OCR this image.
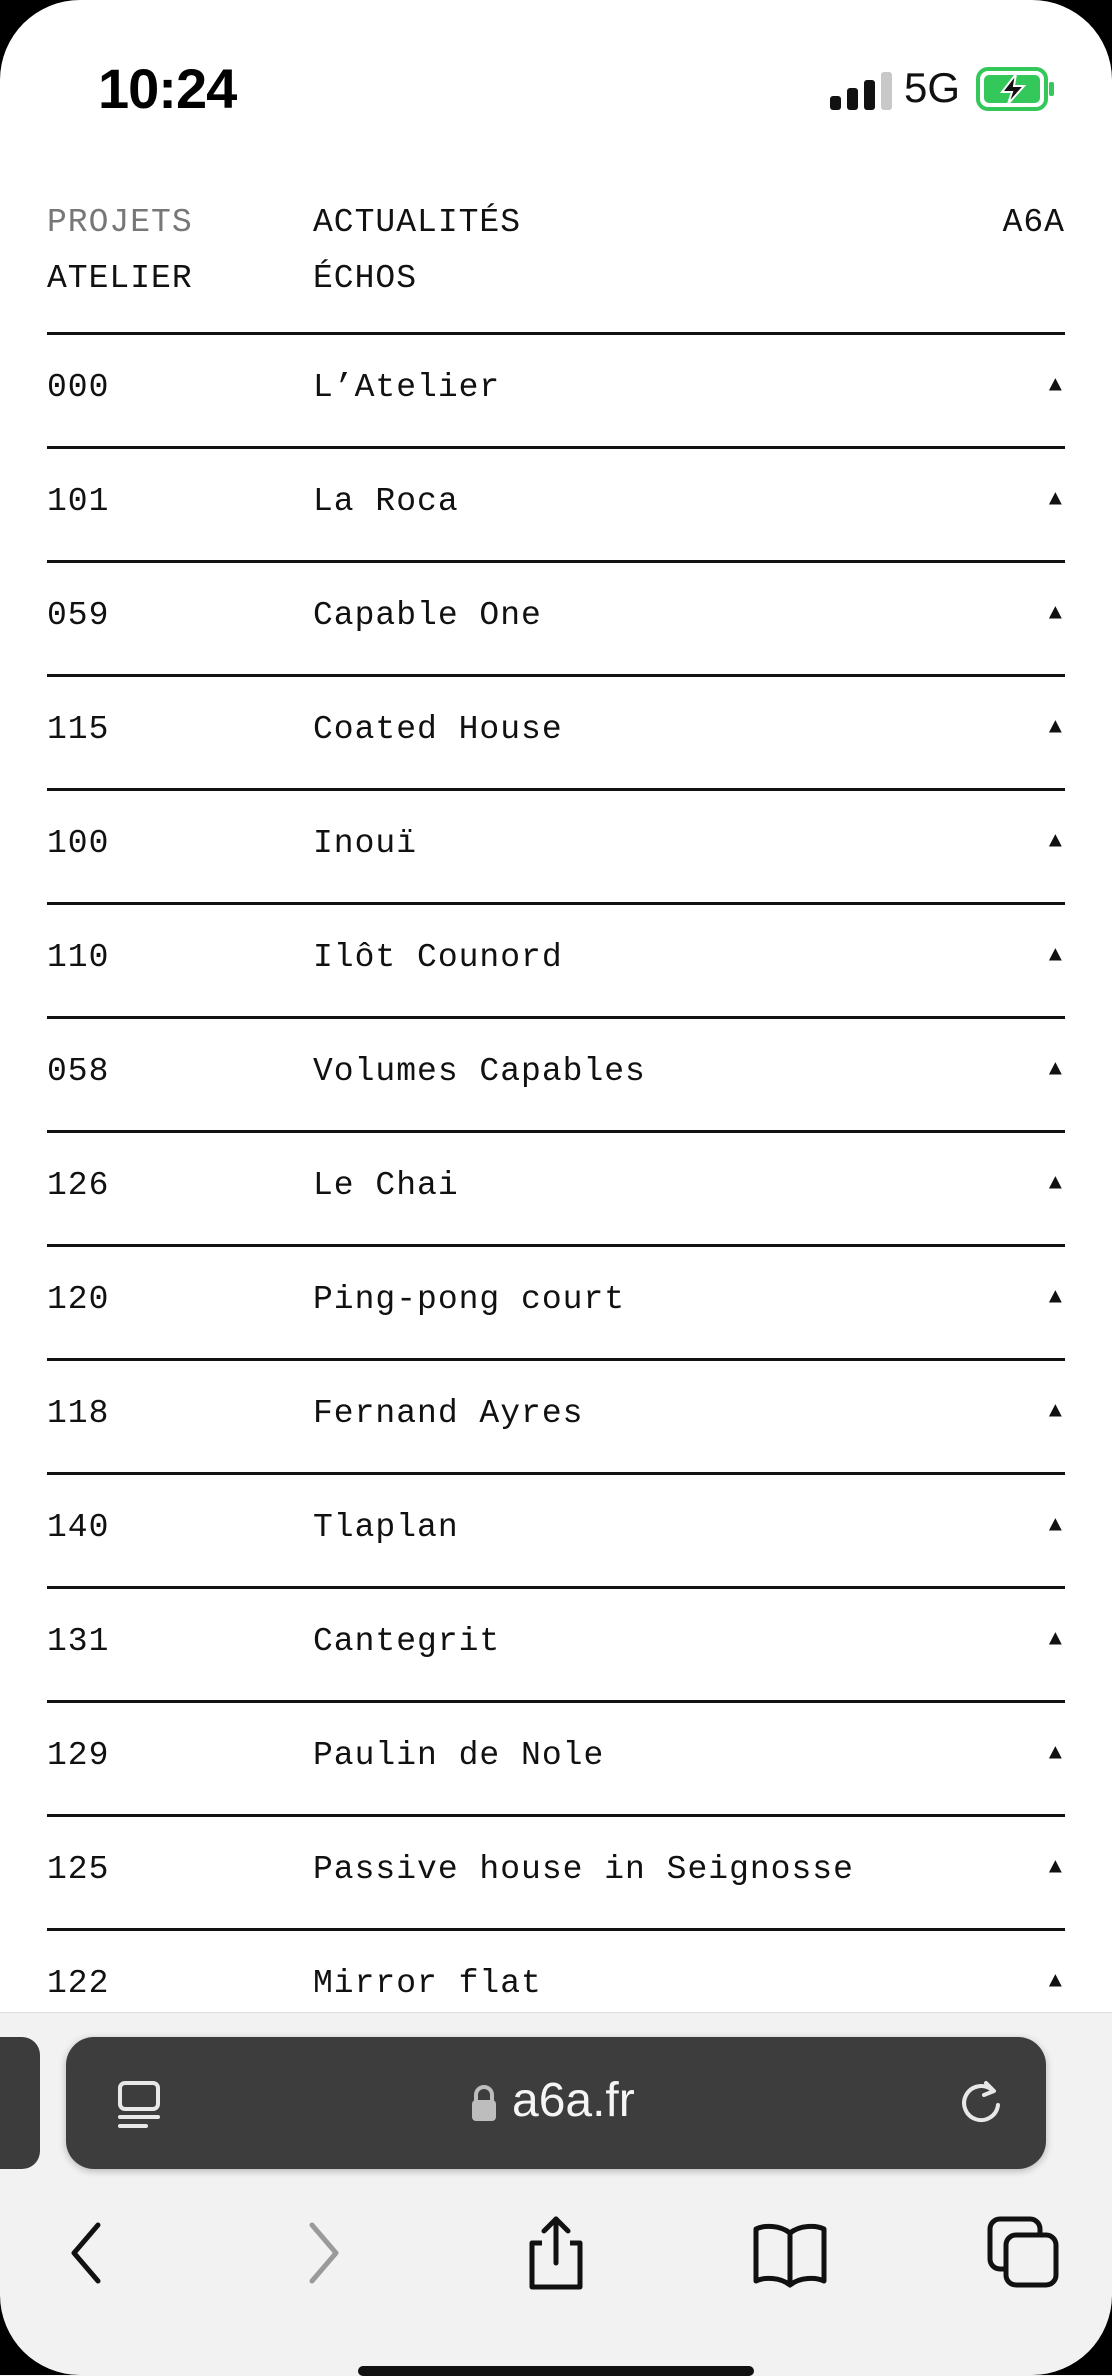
10:24	5G
PROJETS	ACTUALITÉS	A6A
ATELIER	ÉCHOS
000	L’Atelier	▲
101	La Roca	▲
059	Capable One	▲
115	Coated House	▲
100	Inouï	▲
110	Ilôt Counord	▲
058	Volumes Capables	▲
126	Le Chai	▲
120	Ping-pong court	▲
118	Fernand Ayres	▲
140	Tlaplan	▲
131	Cantegrit	▲
129	Paulin de Nole	▲
125	Passive house in Seignosse	▲
122	Mirror flat	▲
a6a.fr
